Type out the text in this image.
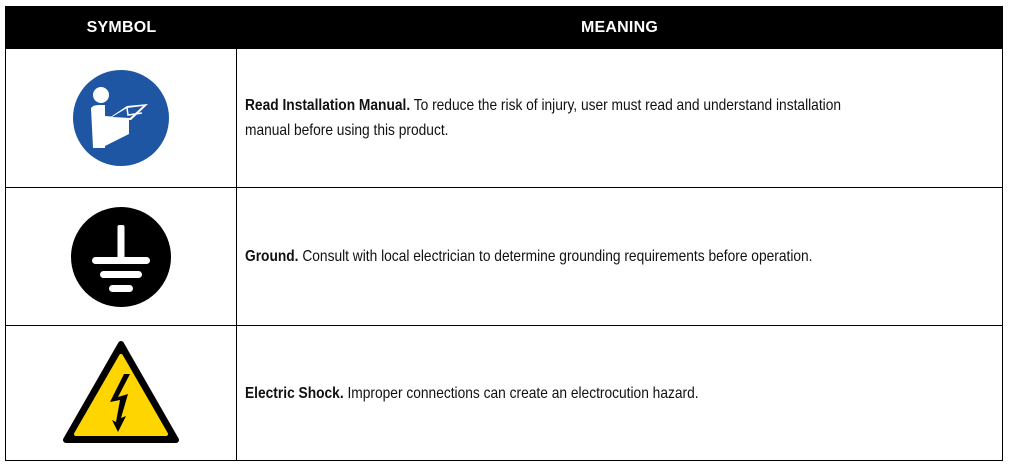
SYMBOL	MEANING

Read Installation Manual. To reduce the risk of injury, user must read and understand installation manual before using this product.

Ground. Consult with local electrician to determine grounding requirements before operation.

Electric Shock. Improper connections can create an electrocution hazard.
